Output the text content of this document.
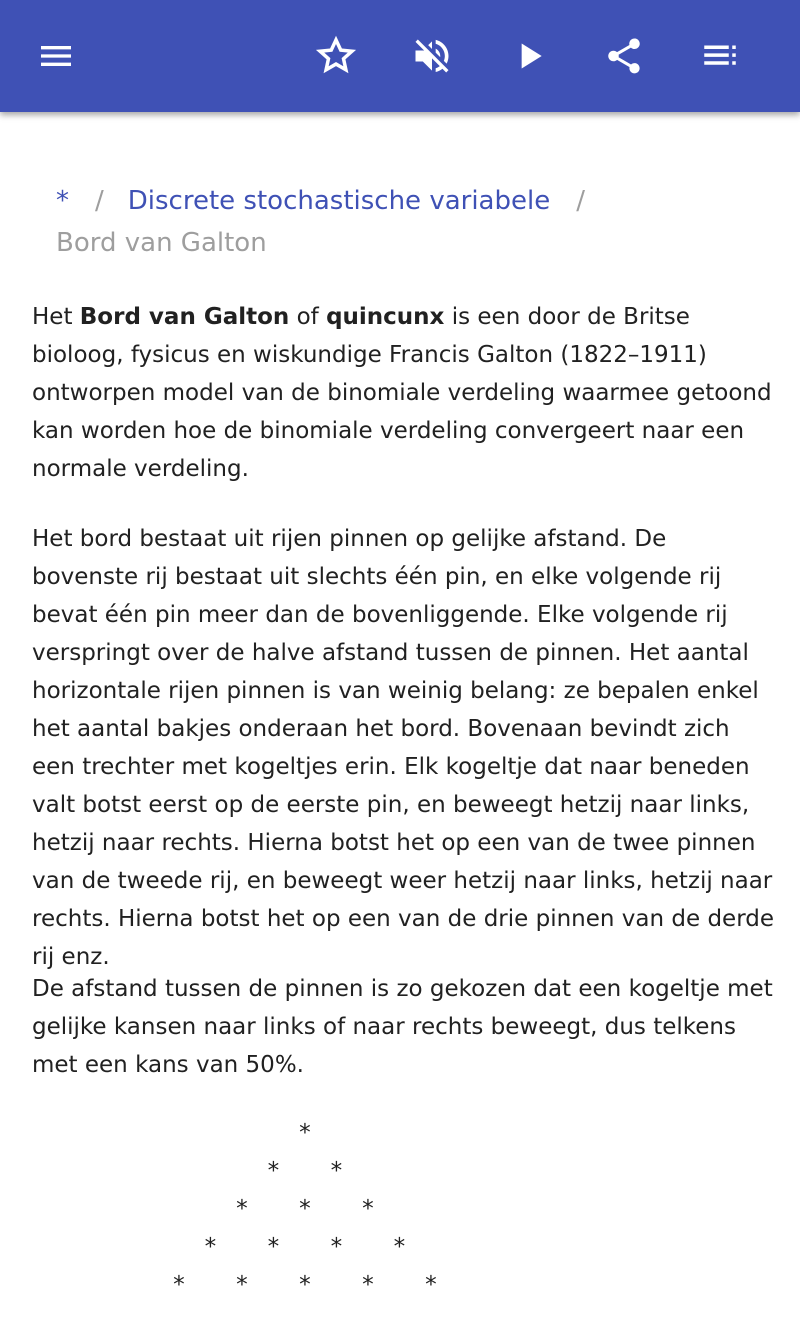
* / Discrete stochastische variabele /
Bord van Galton

Het Bord van Galton of quincunx is een door de Britse bioloog, fysicus en wiskundige Francis Galton (1822–1911) ontworpen model van de binomiale verdeling waarmee getoond kan worden hoe de binomiale verdeling convergeert naar een normale verdeling.

Het bord bestaat uit rijen pinnen op gelijke afstand. De bovenste rij bestaat uit slechts één pin, en elke volgende rij bevat één pin meer dan de bovenliggende. Elke volgende rij verspringt over de halve afstand tussen de pinnen. Het aantal horizontale rijen pinnen is van weinig belang: ze bepalen enkel het aantal bakjes onderaan het bord. Bovenaan bevindt zich een trechter met kogeltjes erin. Elk kogeltje dat naar beneden valt botst eerst op de eerste pin, en beweegt hetzij naar links, hetzij naar rechts. Hierna botst het op een van de twee pinnen van de tweede rij, en beweegt weer hetzij naar links, hetzij naar rechts. Hierna botst het op een van de drie pinnen van de derde rij enz.

De afstand tussen de pinnen is zo gekozen dat een kogeltje met gelijke kansen naar links of naar rechts beweegt, dus telkens met een kans van 50%.

*
* *
* * *
* * * *
* * * * *
